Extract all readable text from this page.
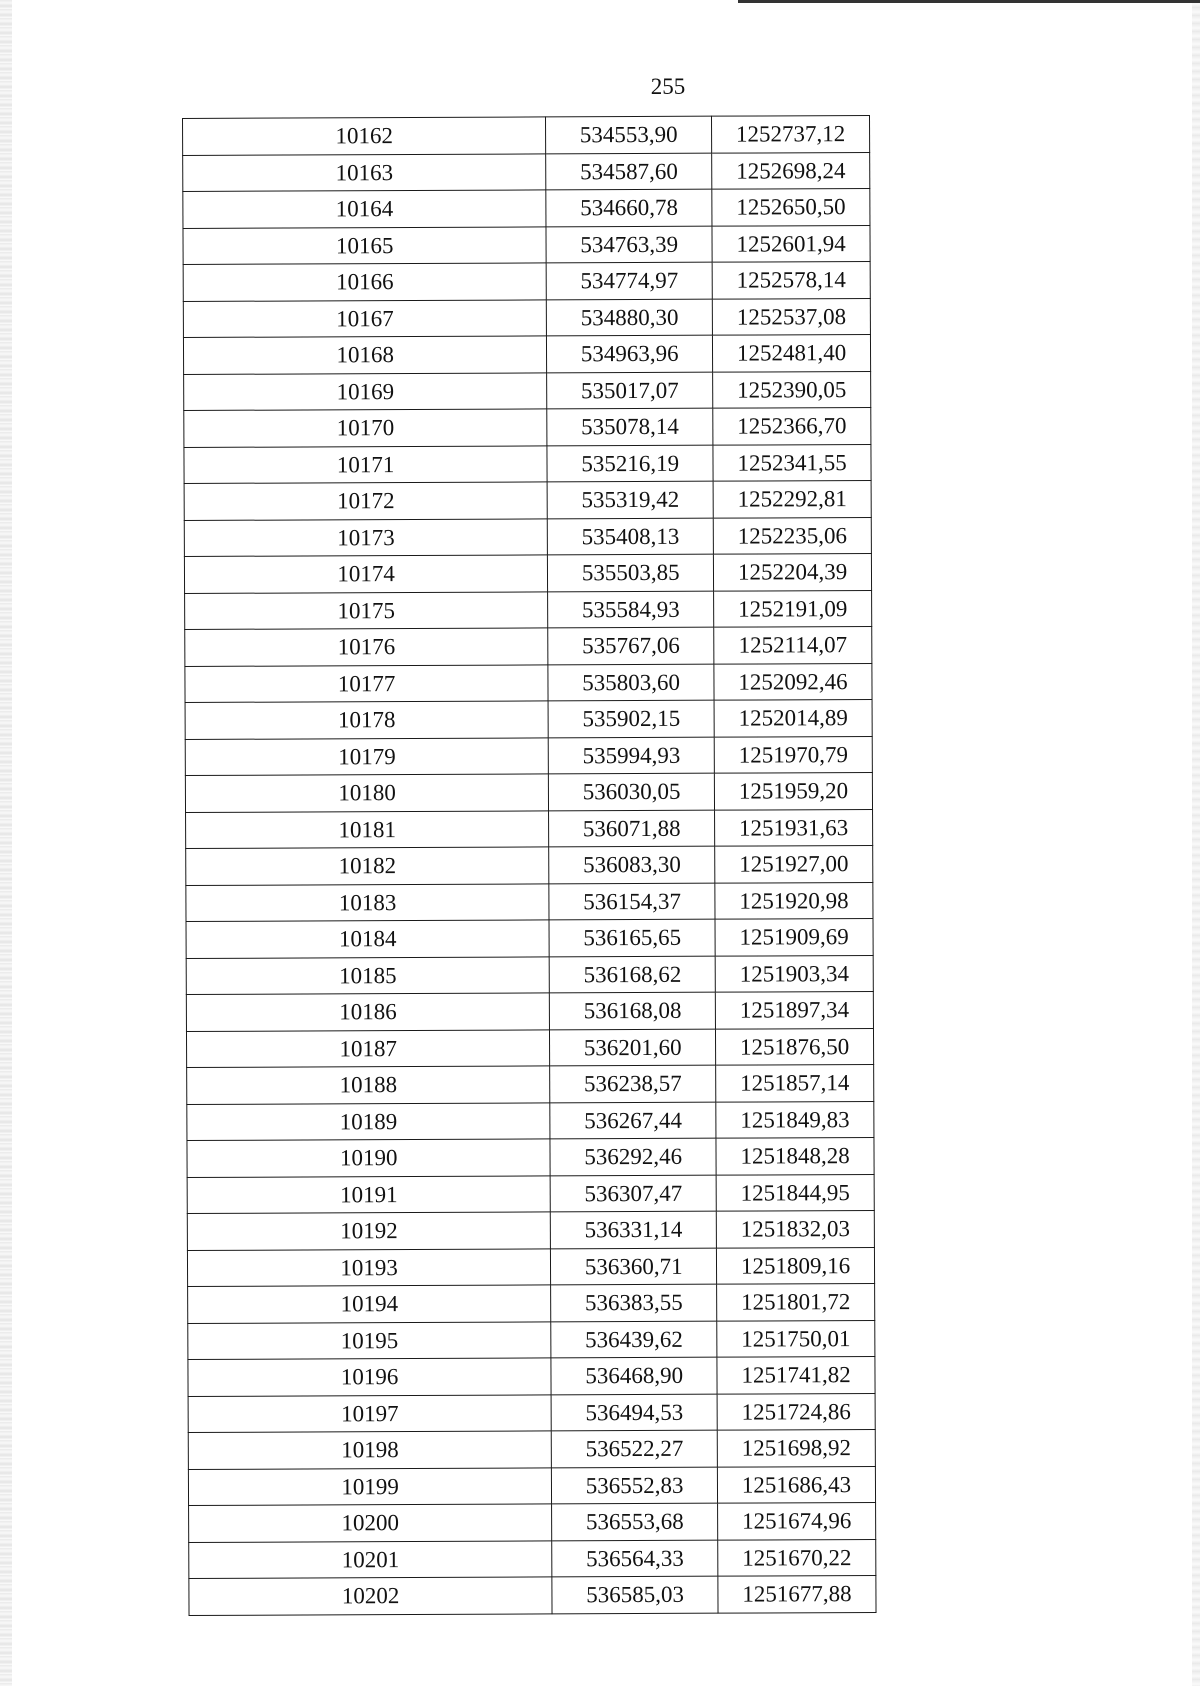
255
10162	534553,90	1252737,12
10163	534587,60	1252698,24
10164	534660,78	1252650,50
10165	534763,39	1252601,94
10166	534774,97	1252578,14
10167	534880,30	1252537,08
10168	534963,96	1252481,40
10169	535017,07	1252390,05
10170	535078,14	1252366,70
10171	535216,19	1252341,55
10172	535319,42	1252292,81
10173	535408,13	1252235,06
10174	535503,85	1252204,39
10175	535584,93	1252191,09
10176	535767,06	1252114,07
10177	535803,60	1252092,46
10178	535902,15	1252014,89
10179	535994,93	1251970,79
10180	536030,05	1251959,20
10181	536071,88	1251931,63
10182	536083,30	1251927,00
10183	536154,37	1251920,98
10184	536165,65	1251909,69
10185	536168,62	1251903,34
10186	536168,08	1251897,34
10187	536201,60	1251876,50
10188	536238,57	1251857,14
10189	536267,44	1251849,83
10190	536292,46	1251848,28
10191	536307,47	1251844,95
10192	536331,14	1251832,03
10193	536360,71	1251809,16
10194	536383,55	1251801,72
10195	536439,62	1251750,01
10196	536468,90	1251741,82
10197	536494,53	1251724,86
10198	536522,27	1251698,92
10199	536552,83	1251686,43
10200	536553,68	1251674,96
10201	536564,33	1251670,22
10202	536585,03	1251677,88
